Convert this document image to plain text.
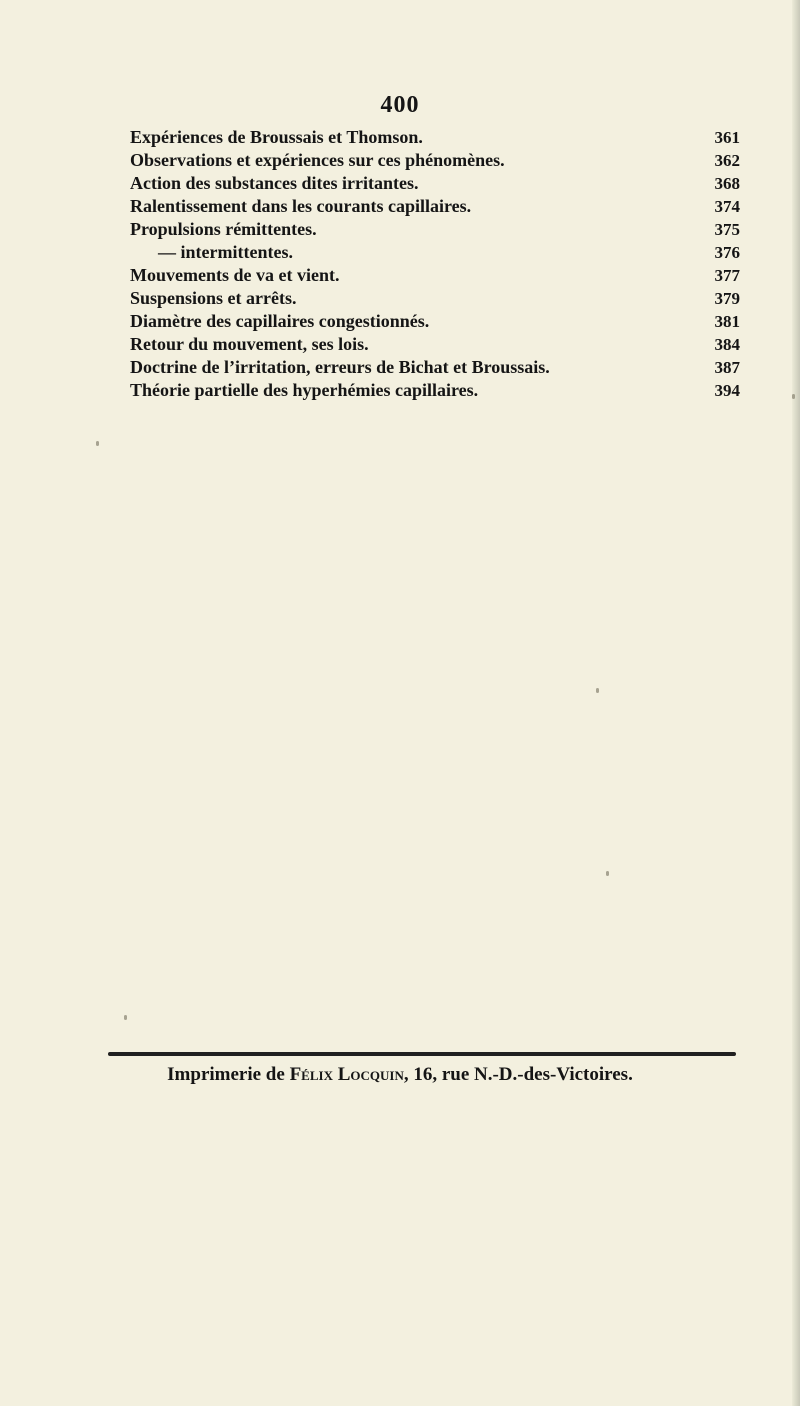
400
Expériences de Broussais et Thomson.	361
Observations et expériences sur ces phénomènes.	362
Action des substances dites irritantes.	368
Ralentissement dans les courants capillaires.	374
Propulsions rémittentes.	375
— intermittentes.	376
Mouvements de va et vient.	377
Suspensions et arrêts.	379
Diamètre des capillaires congestionnés.	381
Retour du mouvement, ses lois.	384
Doctrine de l’irritation, erreurs de Bichat et Broussais.	387
Théorie partielle des hyperhémies capillaires.	394
Imprimerie de Félix Locquin, 16, rue N.-D.-des-Victoires.
